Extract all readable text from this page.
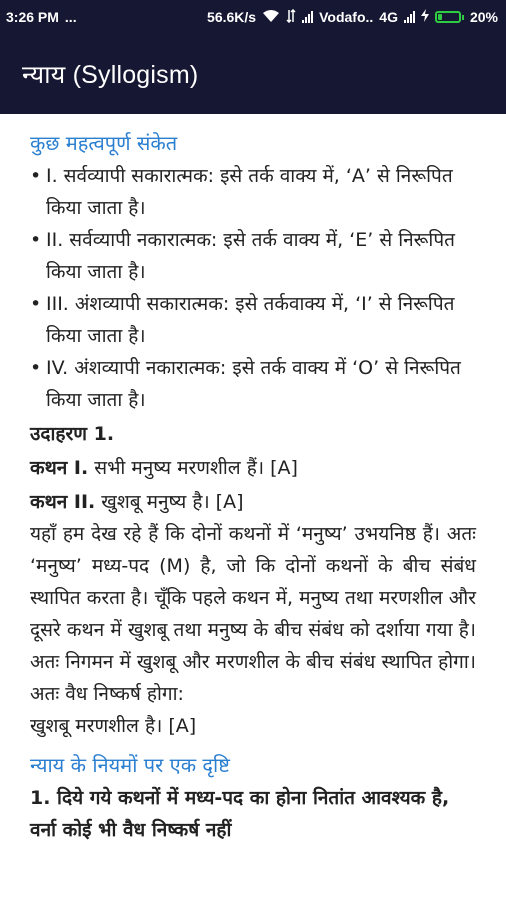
3:26 PM ...	56.6K/s	Vodafo.. 4G	20%
न्याय (Syllogism)
कुछ महत्वपूर्ण संकेत
• I. सर्वव्यापी सकारात्मक: इसे तर्क वाक्य में, ‘A’ से निरूपित किया जाता है।
• II. सर्वव्यापी नकारात्मक: इसे तर्क वाक्य में, ‘E’ से निरूपित किया जाता है।
• III. अंशव्यापी सकारात्मक: इसे तर्कवाक्य में, ‘I’ से निरूपित किया जाता है।
• IV. अंशव्यापी नकारात्मक: इसे तर्क वाक्य में ‘O’ से निरूपित किया जाता है।
उदाहरण 1.
कथन I. सभी मनुष्य मरणशील हैं। [A]
कथन II. खुशबू मनुष्य है। [A]

यहाँ हम देख रहे हैं कि दोनों कथनों में ‘मनुष्य’ उभयनिष्ठ हैं। अतः ‘मनुष्य’ मध्य-पद (M) है, जो कि दोनों कथनों के बीच संबंध स्थापित करता है। चूँकि पहले कथन में, मनुष्य तथा मरणशील और दूसरे कथन में खुशबू तथा मनुष्य के बीच संबंध को दर्शाया गया है। अतः निगमन में खुशबू और मरणशील के बीच संबंध स्थापित होगा। अतः वैध निष्कर्ष होगा:

खुशबू मरणशील है। [A]
न्याय के नियमों पर एक दृष्टि
1. दिये गये कथनों में मध्य-पद का होना नितांत आवश्यक है, वर्ना कोई भी वैध निष्कर्ष नहीं
